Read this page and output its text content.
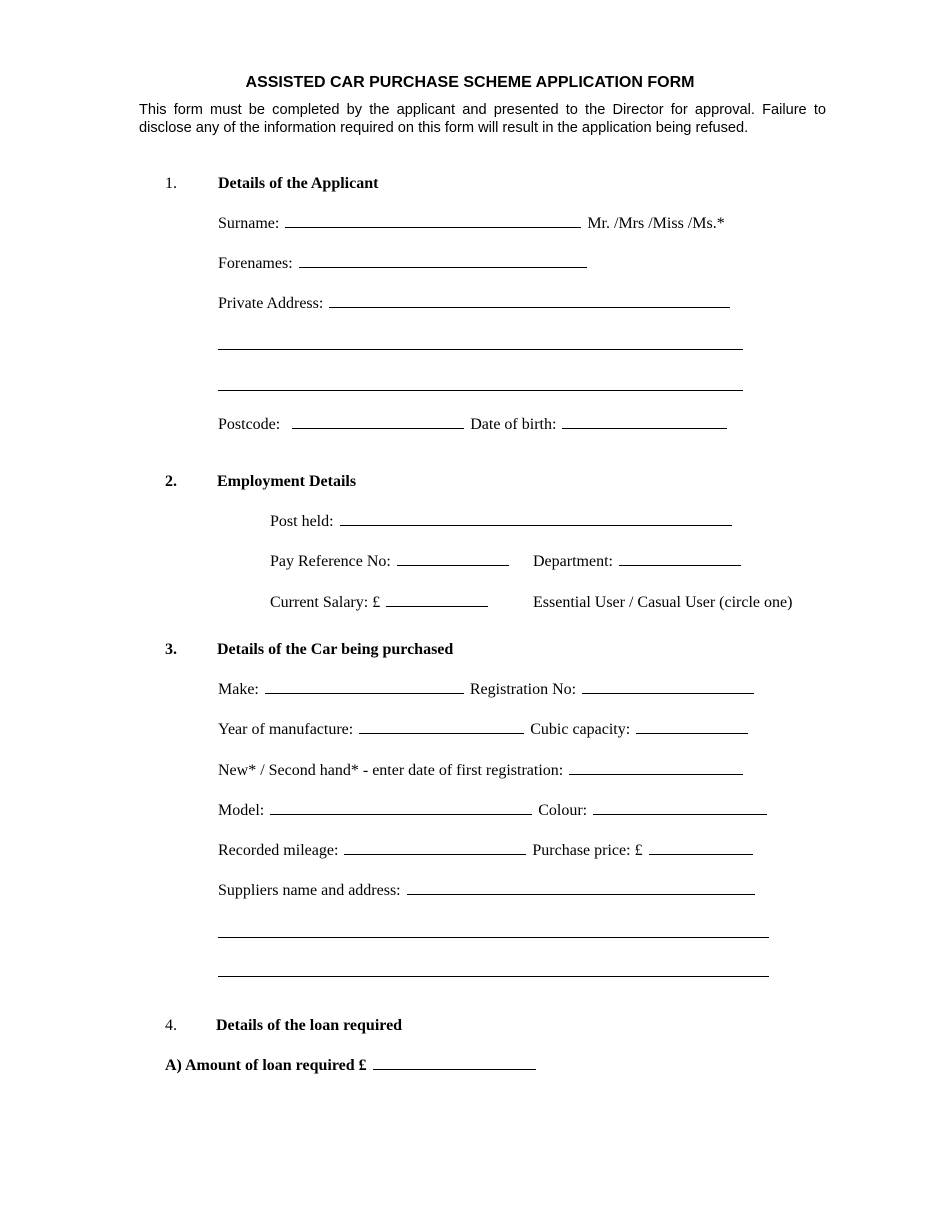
ASSISTED CAR PURCHASE SCHEME APPLICATION FORM
This form must be completed by the applicant and presented to the Director for approval. Failure to disclose any of the information required on this form will result in the application being refused.
1.	Details of the Applicant
Surname:	Mr. /Mrs /Miss /Ms.*
Forenames:
Private Address:
Postcode:	Date of birth:
2.	Employment Details
Post held:
Pay Reference No:	Department:
Current Salary: £	Essential User / Casual User (circle one)
3.	Details of the Car being purchased
Make:	Registration No:
Year of manufacture:	Cubic capacity:
New* / Second hand* - enter date of first registration:
Model:	Colour:
Recorded mileage:	Purchase price: £
Suppliers name and address:
4. Details of the loan required
A) Amount of loan required £
